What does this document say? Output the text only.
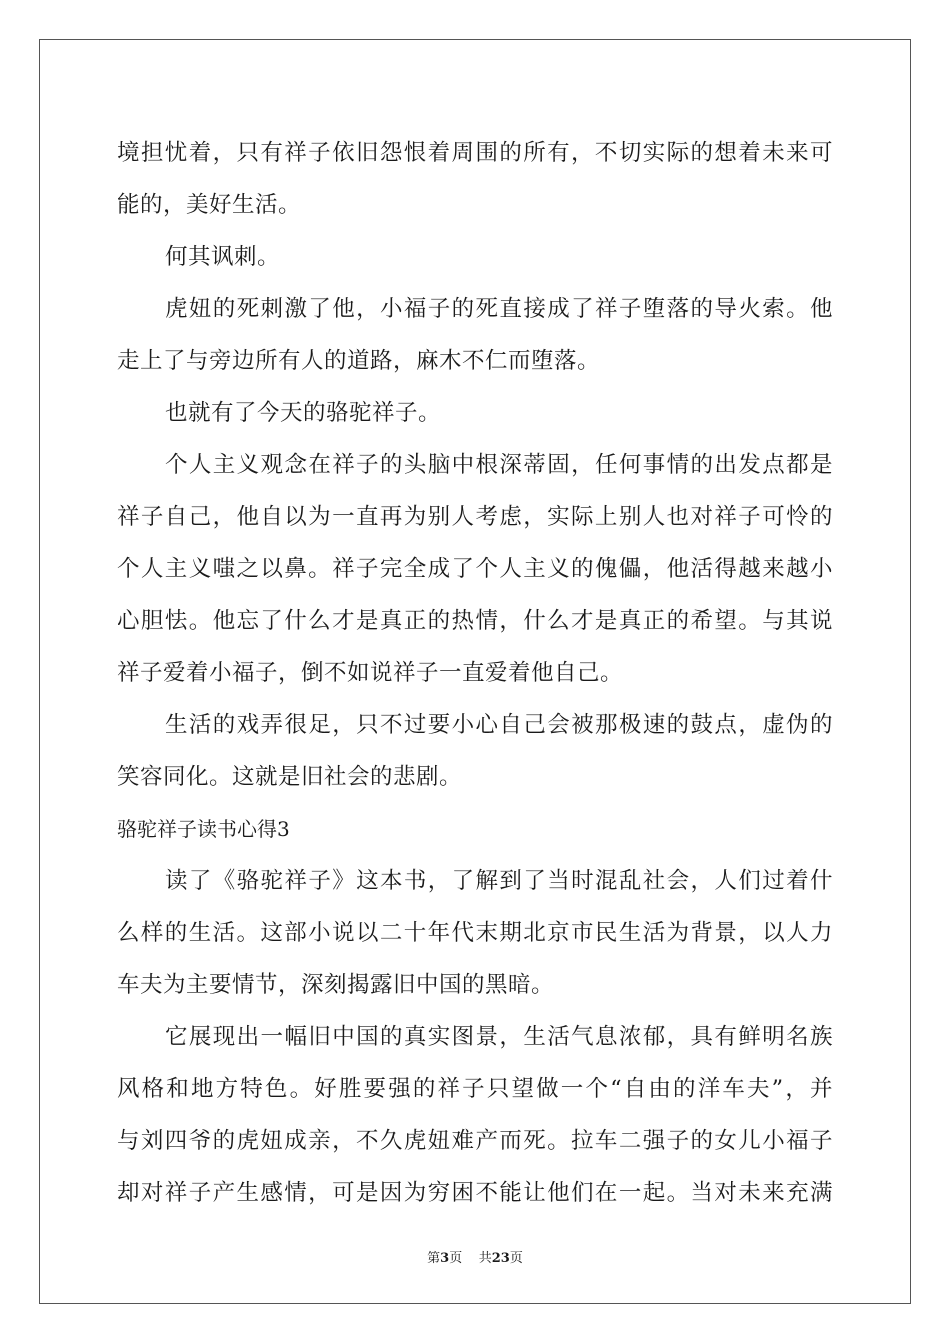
境担忧着，只有祥子依旧怨恨着周围的所有，不切实际的想着未来可
能的，美好生活。
何其讽刺。
虎妞的死刺激了他，小福子的死直接成了祥子堕落的导火索。他
走上了与旁边所有人的道路，麻木不仁而堕落。
也就有了今天的骆驼祥子。
个人主义观念在祥子的头脑中根深蒂固，任何事情的出发点都是
祥子自己，他自以为一直再为别人考虑，实际上别人也对祥子可怜的
个人主义嗤之以鼻。祥子完全成了个人主义的傀儡，他活得越来越小
心胆怯。他忘了什么才是真正的热情，什么才是真正的希望。与其说
祥子爱着小福子，倒不如说祥子一直爱着他自己。
生活的戏弄很足，只不过要小心自己会被那极速的鼓点，虚伪的
笑容同化。这就是旧社会的悲剧。
骆驼祥子读书心得3
读了《骆驼祥子》这本书，了解到了当时混乱社会，人们过着什
么样的生活。这部小说以二十年代末期北京市民生活为背景，以人力
车夫为主要情节，深刻揭露旧中国的黑暗。
它展现出一幅旧中国的真实图景，生活气息浓郁，具有鲜明名族
风格和地方特色。好胜要强的祥子只望做一个“自由的洋车夫”，并
与刘四爷的虎妞成亲，不久虎妞难产而死。拉车二强子的女儿小福子
却对祥子产生感情，可是因为穷困不能让他们在一起。当对未来充满
第3页 共23页
